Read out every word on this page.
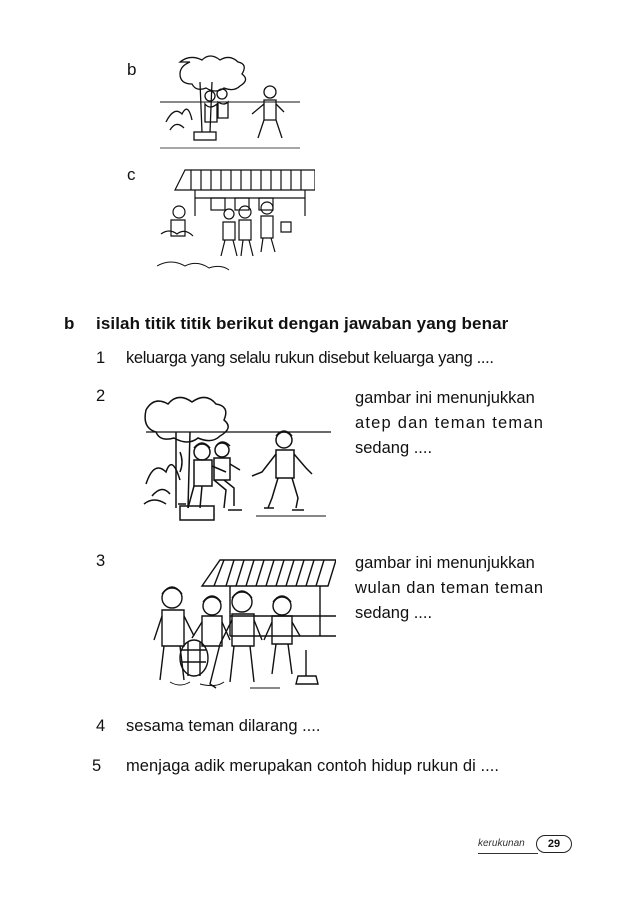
b
c
b isilah titik titik berikut dengan jawaban yang benar
1 keluarga yang selalu rukun disebut keluarga yang ....
2	gambar ini menunjukkan
atep dan teman teman
sedang ....
3	gambar ini menunjukkan
wulan dan teman teman
sedang ....
4 sesama teman dilarang ....
5 menjaga adik merupakan contoh hidup rukun di ....
kerukunan	29
